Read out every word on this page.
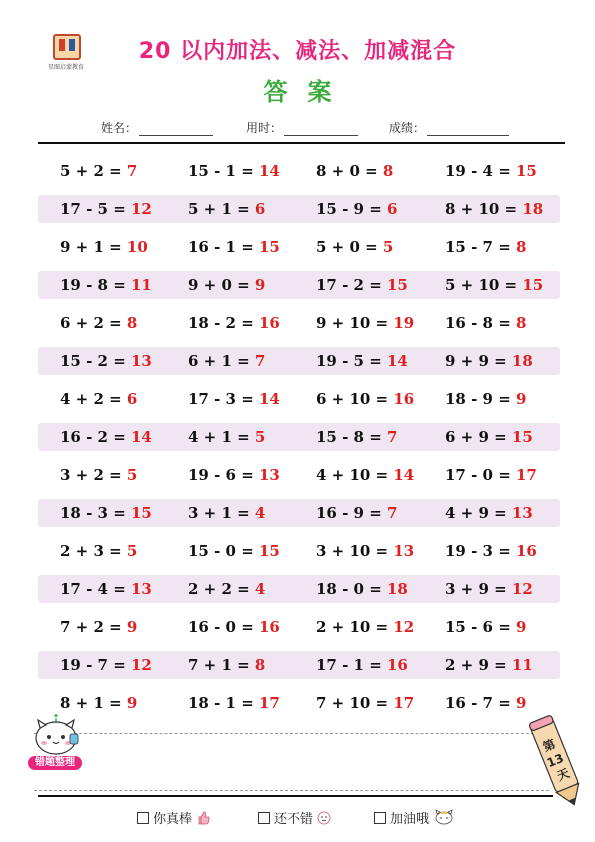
星图启蒙教育
20 以内加法、减法、加减混合
答案
姓名：	用时：	成绩：
5 + 2 = 7	15 - 1 = 14 8 + 0 = 8	19 - 4 = 15
17 - 5 = 12 5 + 1 = 6	15 - 9 = 6	8 + 10 = 18
9 + 1 = 10	16 - 1 = 15 5 + 0 = 5	15 - 7 = 8
19 - 8 = 11 9 + 0 = 9	17 - 2 = 15 5 + 10 = 15
6 + 2 = 8	18 - 2 = 16 9 + 10 = 19 16 - 8 = 8
15 - 2 = 13 6 + 1 = 7	19 - 5 = 14 9 + 9 = 18
4 + 2 = 6	17 - 3 = 14 6 + 10 = 16 18 - 9 = 9
16 - 2 = 14 4 + 1 = 5	15 - 8 = 7	6 + 9 = 15
3 + 2 = 5	19 - 6 = 13 4 + 10 = 14 17 - 0 = 17
18 - 3 = 15 3 + 1 = 4	16 - 9 = 7	4 + 9 = 13
2 + 3 = 5	15 - 0 = 15 3 + 10 = 13 19 - 3 = 16
17 - 4 = 13 2 + 2 = 4	18 - 0 = 18 3 + 9 = 12
7 + 2 = 9	16 - 0 = 16 2 + 10 = 12 15 - 6 = 9
19 - 7 = 12 7 + 1 = 8	17 - 1 = 16 2 + 9 = 11
8 + 1 = 9	18 - 1 = 17 7 + 10 = 17 16 - 7 = 9
错题整理
第 13 天
你真棒	还不错	加油哦
